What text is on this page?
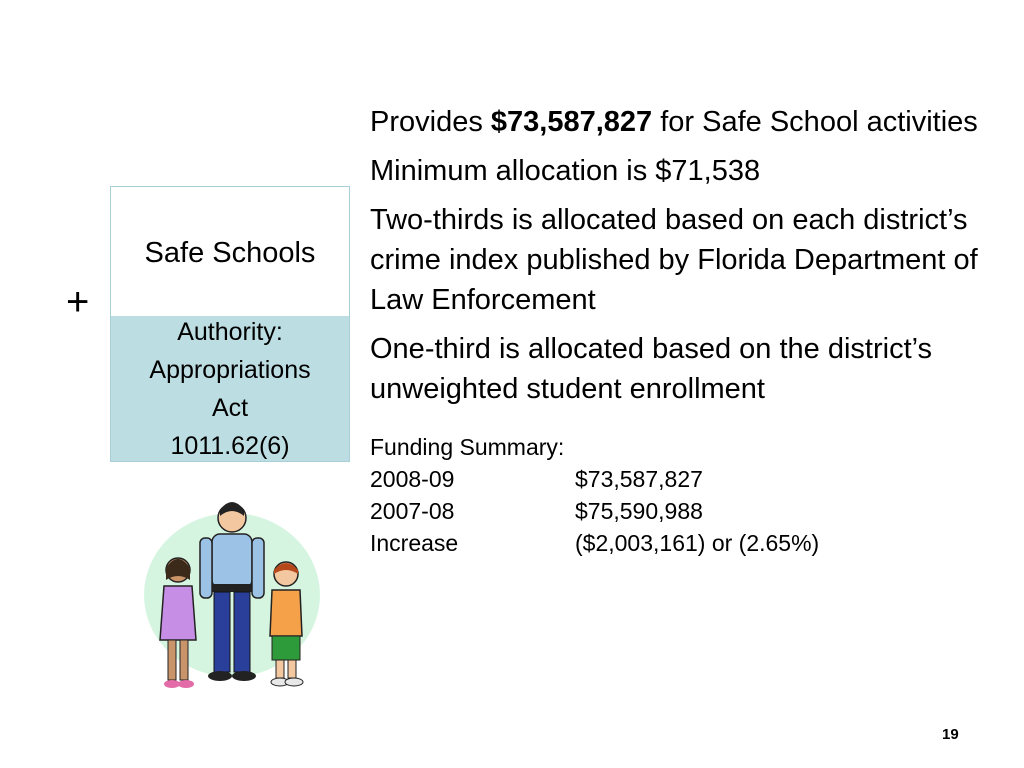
+
Safe Schools
Authority:
Appropriations
Act
1011.62(6)

Provides $73,587,827 for Safe School activities

Minimum allocation is $71,538

Two-thirds is allocated based on each district’s crime index published by Florida Department of Law Enforcement

One-third is allocated based on the district’s unweighted student enrollment

Funding Summary:
2008-09	$73,587,827
2007-08	$75,590,988
Increase	($2,003,161) or (2.65%)
19
